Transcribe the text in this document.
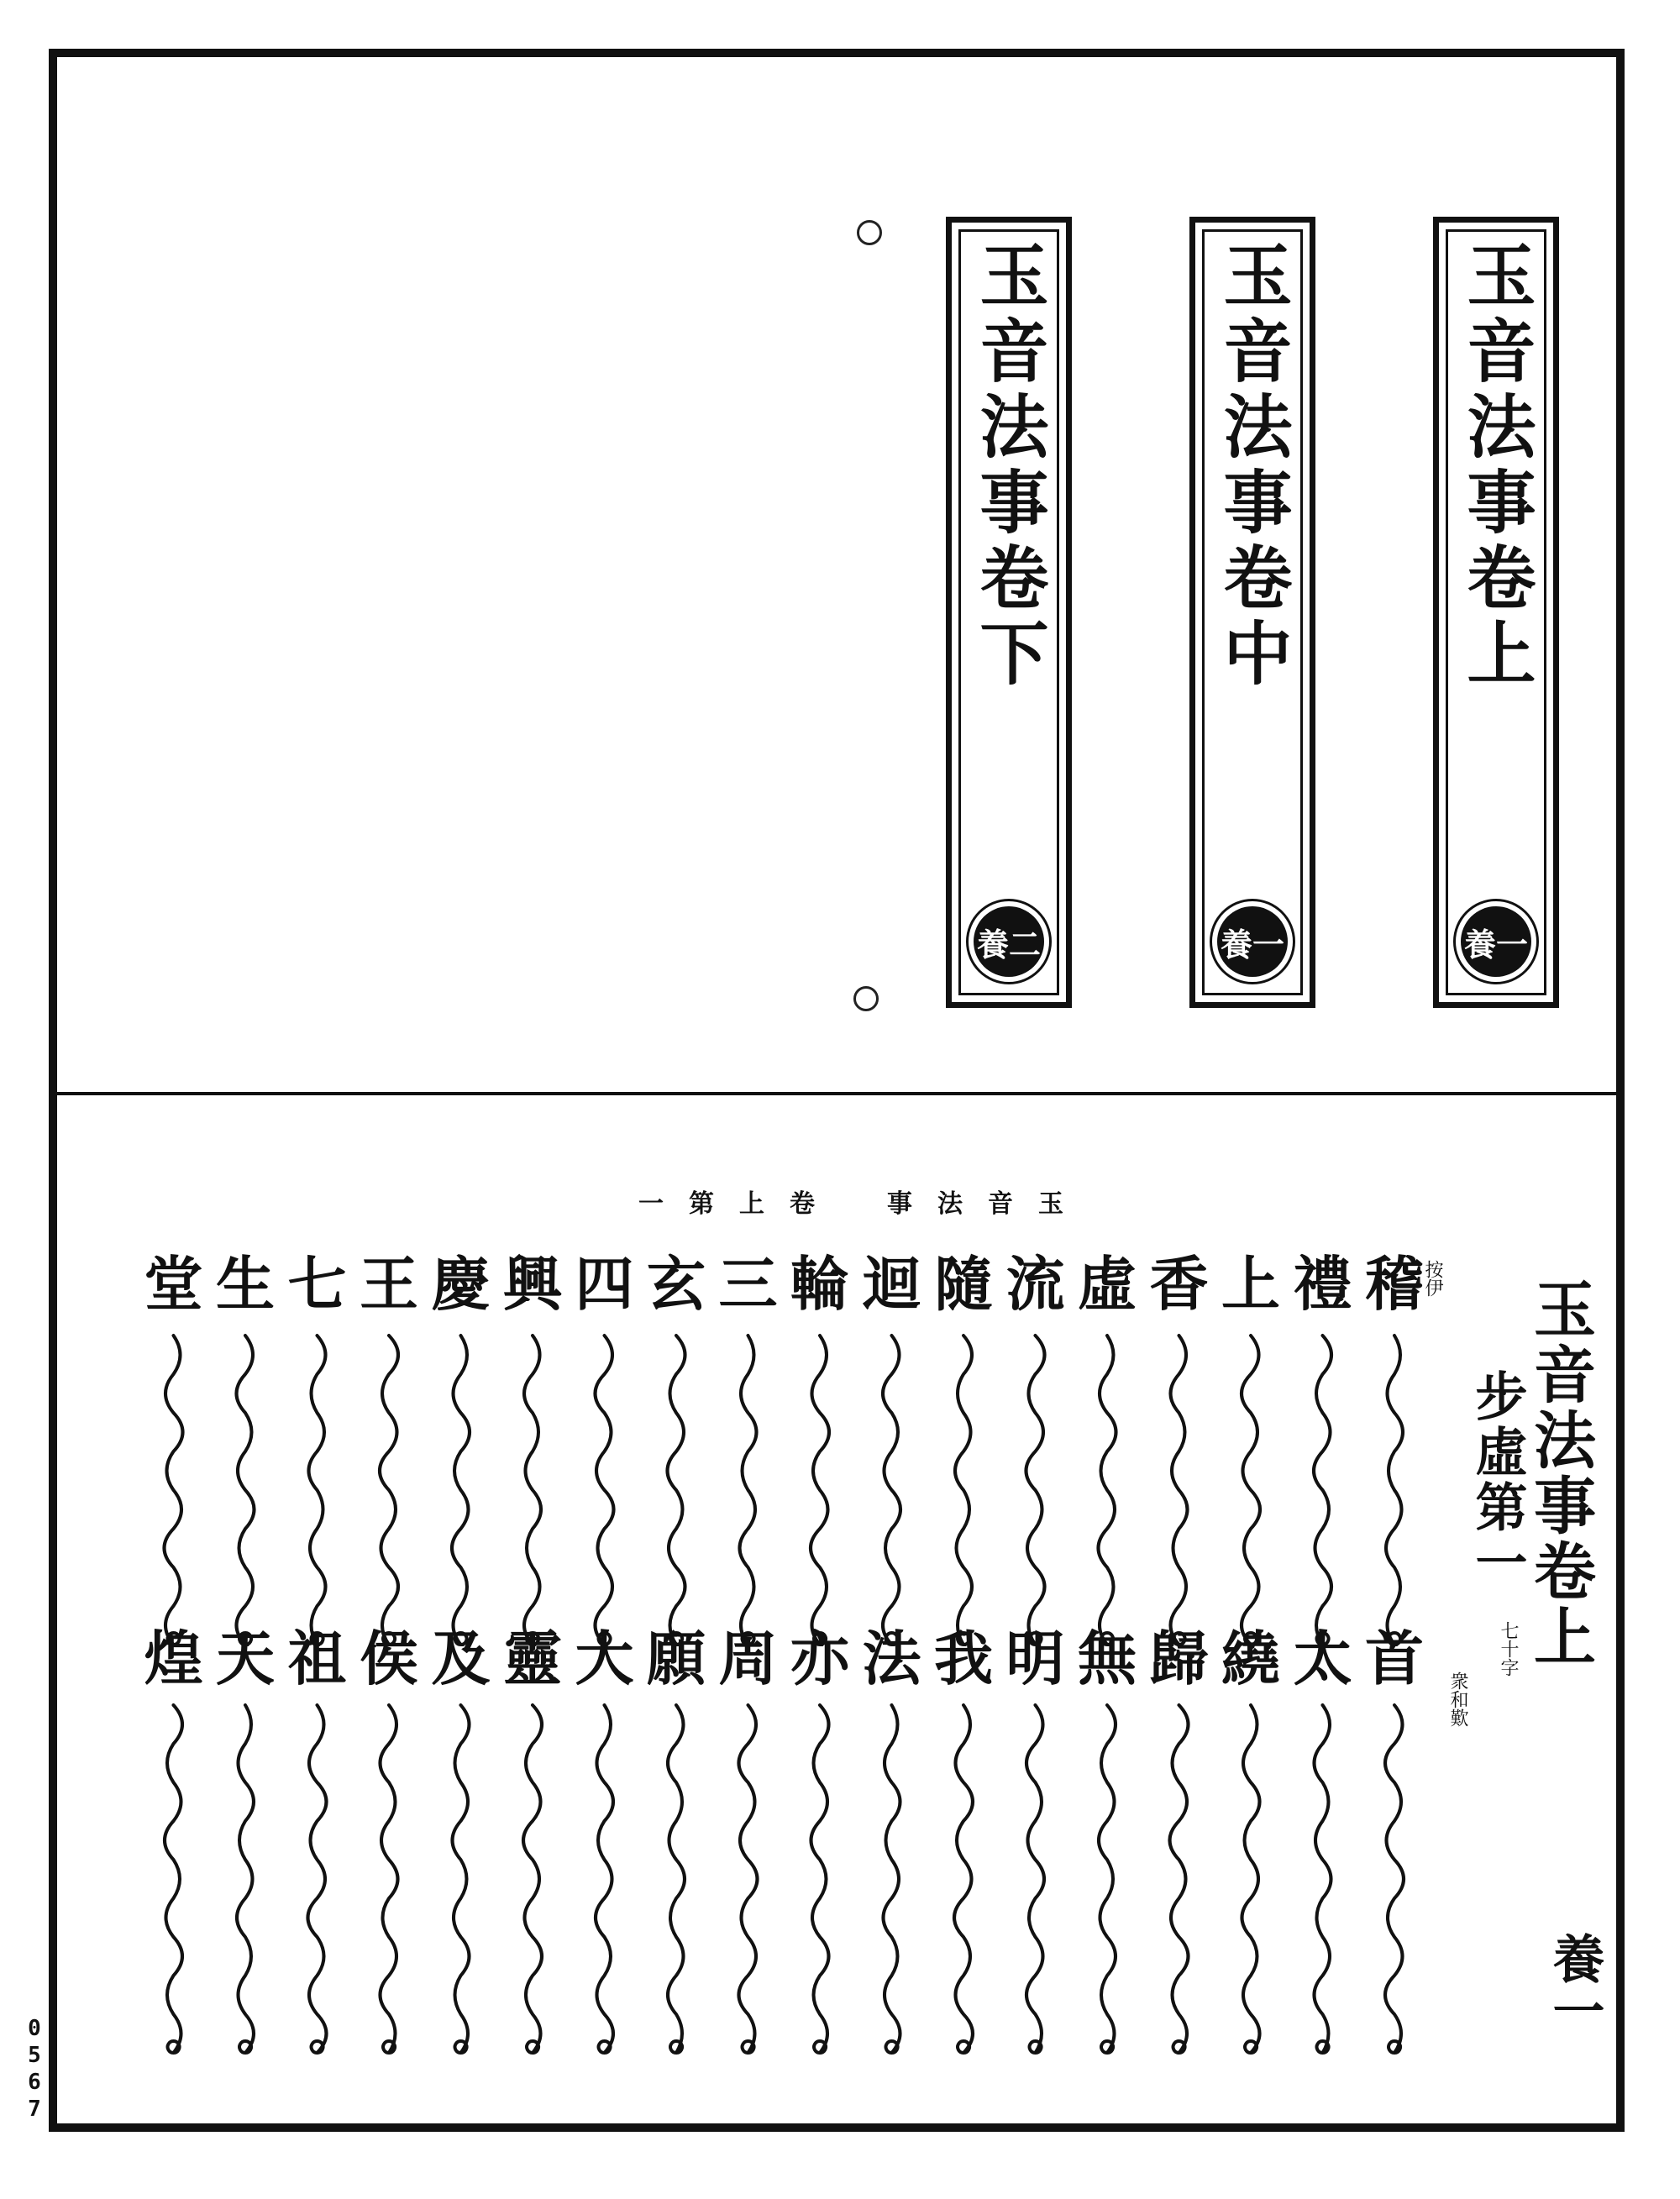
玉音法事卷上
養一
玉音法事卷中
養一
玉音法事卷下
養二
一 第 上 卷 事 法 音 玉
玉音法事卷上
步虛第一
七十字
衆和歎
按伊
養一
0567
稽
禮
上
香
虛
流
隨
迴
輪
三
玄
四
興
慶
王
七
生
堂
首
太
繞
歸
無
明
我
法
亦
周
願
大
靈
及
侯
祖
天
煌
